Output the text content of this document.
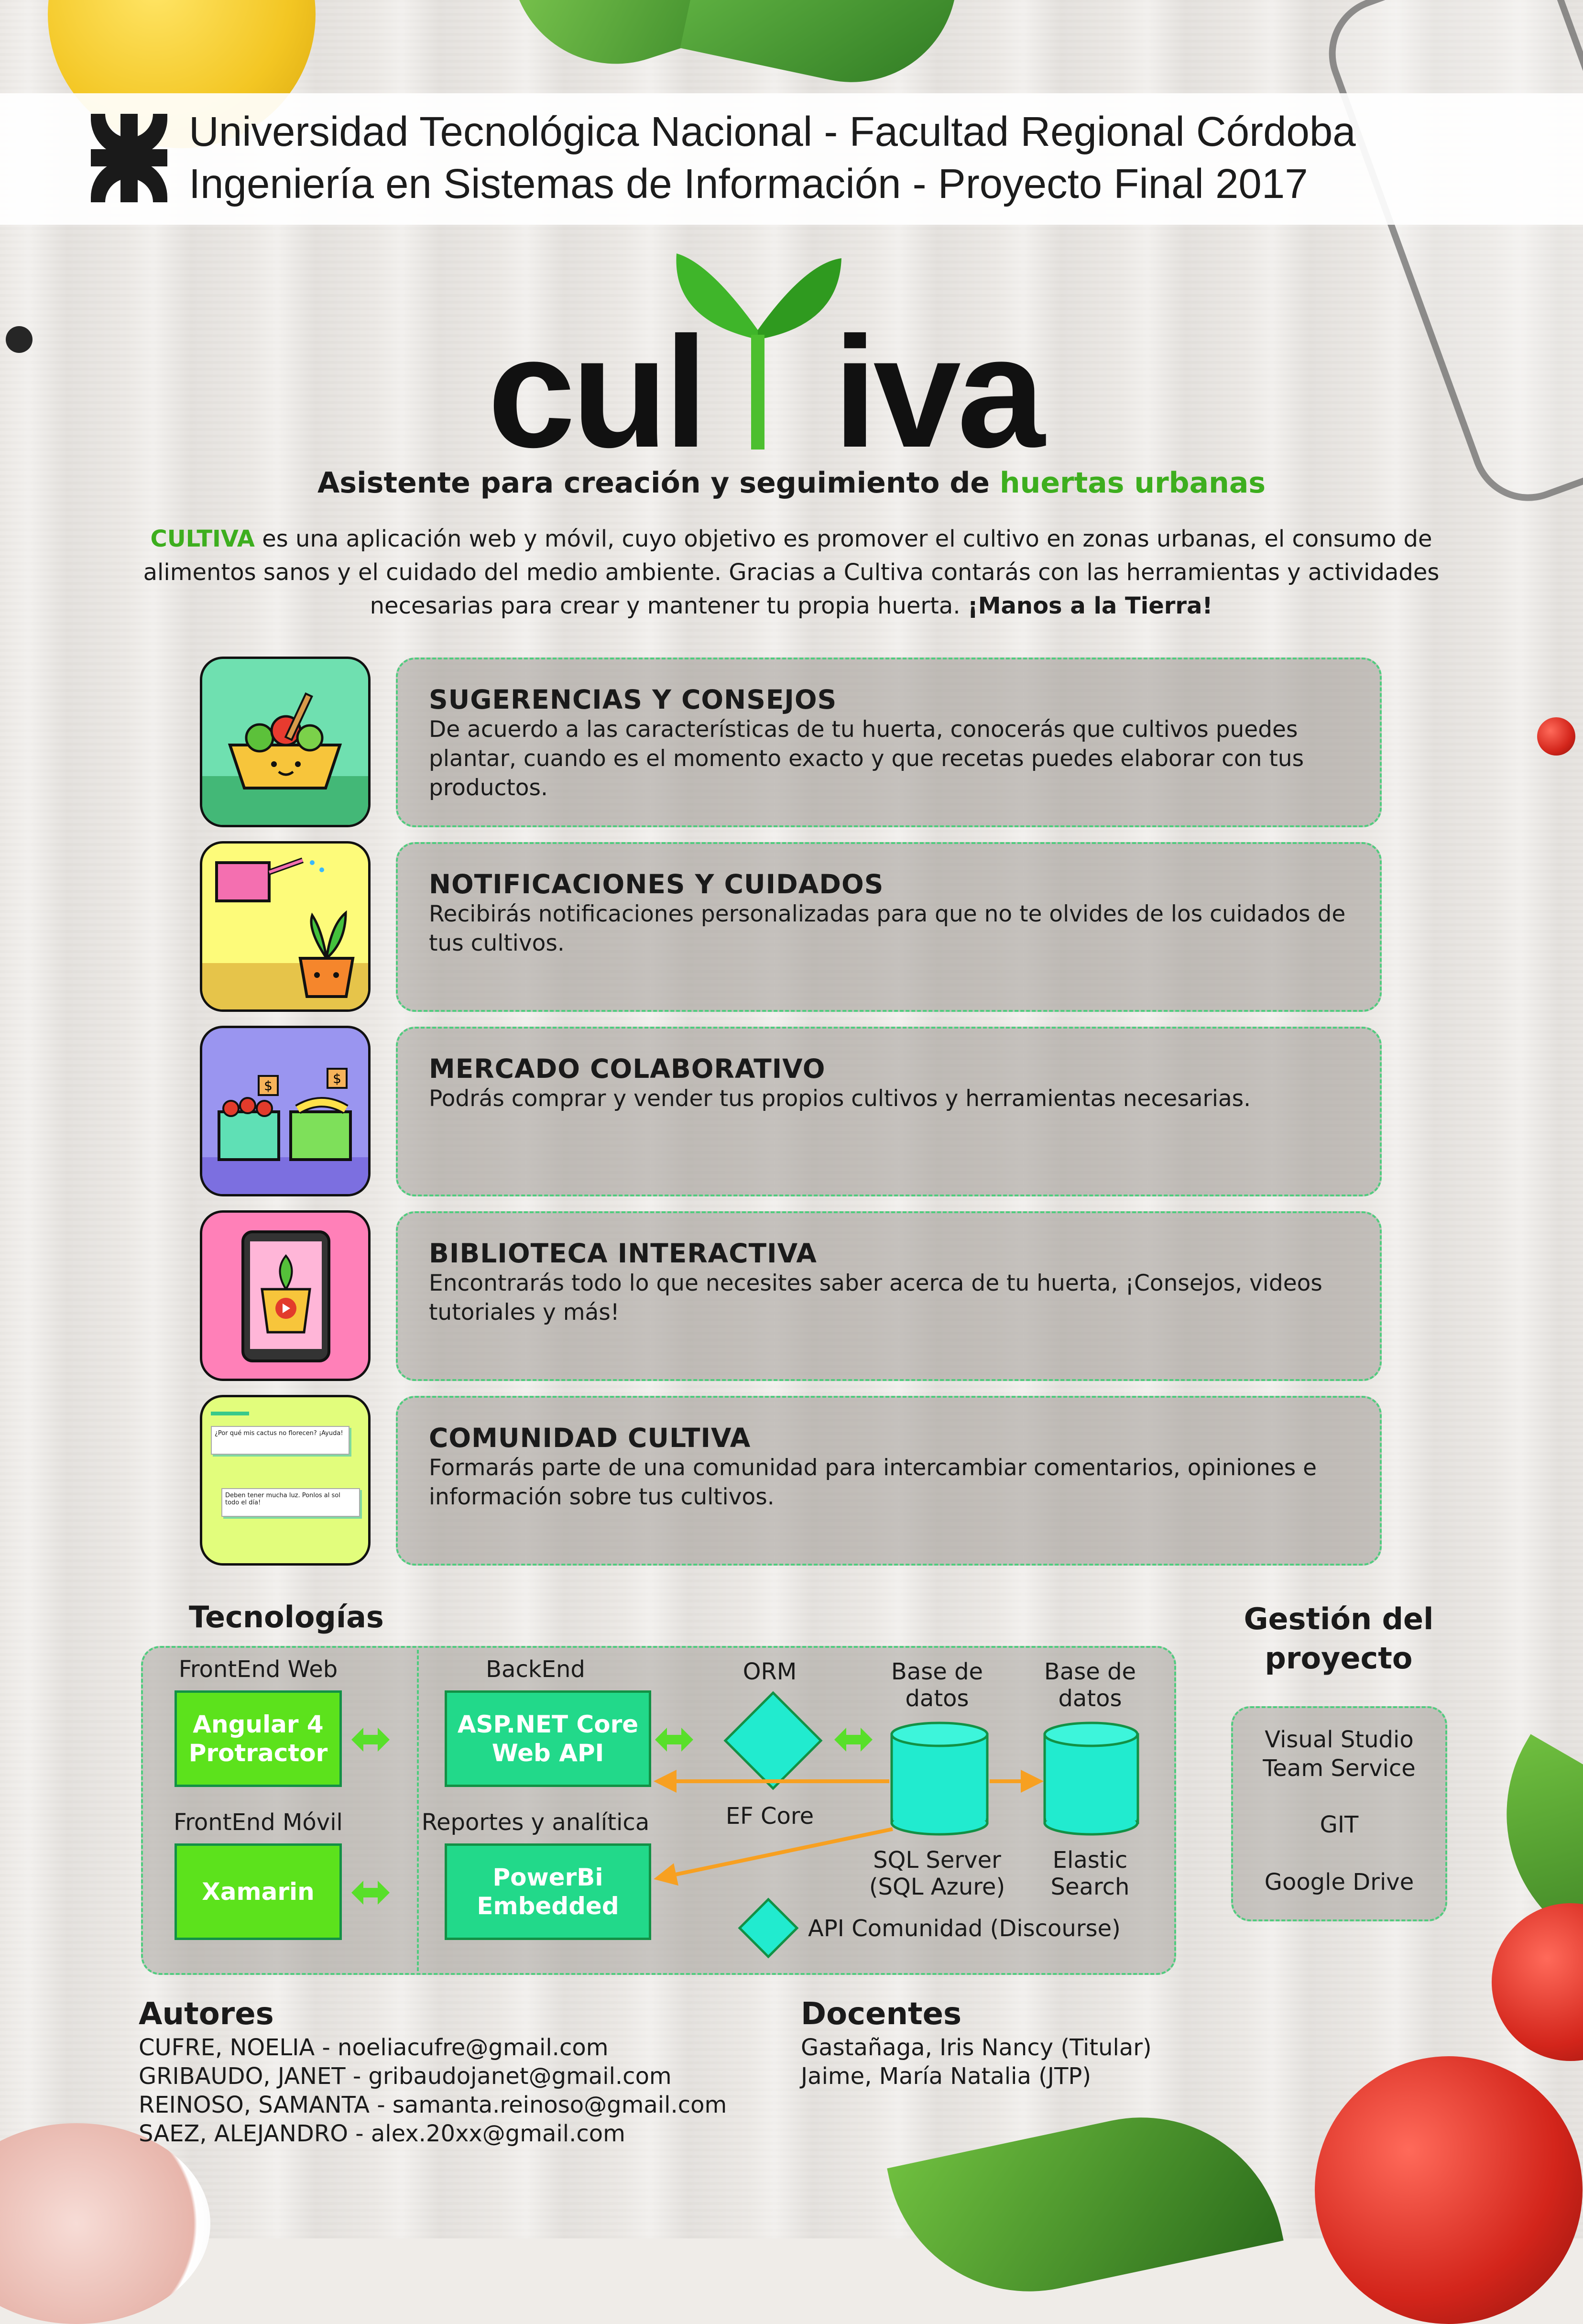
Universidad Tecnológica Nacional - Facultad Regional Córdoba
Ingeniería en Sistemas de Información - Proyecto Final 2017
cul iva
Asistente para creación y seguimiento de huertas urbanas
CULTIVA es una aplicación web y móvil, cuyo objetivo es promover el cultivo en zonas urbanas, el consumo de alimentos sanos y el cuidado del medio ambiente. Gracias a Cultiva contarás con las herramientas y actividades necesarias para crear y mantener tu propia huerta. ¡Manos a la Tierra!
SUGERENCIAS Y CONSEJOS
De acuerdo a las características de tu huerta, conocerás que cultivos puedes plantar, cuando es el momento exacto y que recetas puedes elaborar con tus productos.
NOTIFICACIONES Y CUIDADOS
Recibirás notificaciones personalizadas para que no te olvides de los cuidados de tus cultivos.
$	$	MERCADO COLABORATIVO
Podrás comprar y vender tus propios cultivos y herramientas necesarias.
BIBLIOTECA INTERACTIVA
Encontrarás todo lo que necesites saber acerca de tu huerta, ¡Consejos, videos tutoriales y más!
¿Por qué mis cactus no florecen? ¡Ayuda!
Deben tener mucha luz. Ponlos al sol todo el día!
COMUNIDAD CULTIVA
Formarás parte de una comunidad para intercambiar comentarios, opiniones e información sobre tus cultivos.
Tecnologías
FrontEnd Web
Angular 4 Protractor
FrontEnd Móvil
Xamarin
BackEnd
ASP.NET Core Web API
Reportes y analítica
PowerBi Embedded
ORM
EF Core
Base de datos
SQL Server (SQL Azure)
Base de datos
Elastic Search
API Comunidad (Discourse)
Gestión del proyecto
Visual Studio Team Service
GIT
Google Drive
Autores
CUFRE, NOELIA - noeliacufre@gmail.com
GRIBAUDO, JANET - gribaudojanet@gmail.com
REINOSO, SAMANTA - samanta.reinoso@gmail.com
SAEZ, ALEJANDRO - alex.20xx@gmail.com
Docentes
Gastañaga, Iris Nancy (Titular)
Jaime, María Natalia (JTP)
